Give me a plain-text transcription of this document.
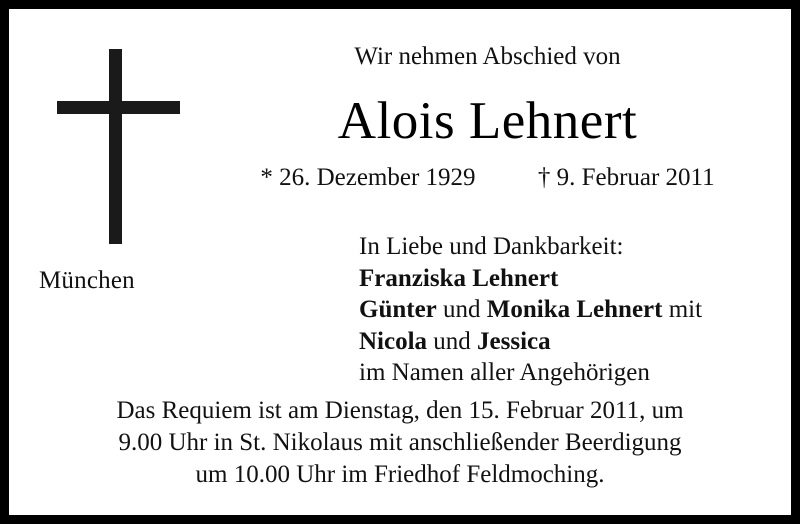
München
Wir nehmen Abschied von
Alois Lehnert
* 26. Dezember 1929 † 9. Februar 2011
In Liebe und Dankbarkeit:
Franziska Lehnert
Günter und Monika Lehnert mit
Nicola und Jessica
im Namen aller Angehörigen
Das Requiem ist am Dienstag, den 15. Februar 2011, um
9.00 Uhr in St. Nikolaus mit anschließender Beerdigung
um 10.00 Uhr im Friedhof Feldmoching.
